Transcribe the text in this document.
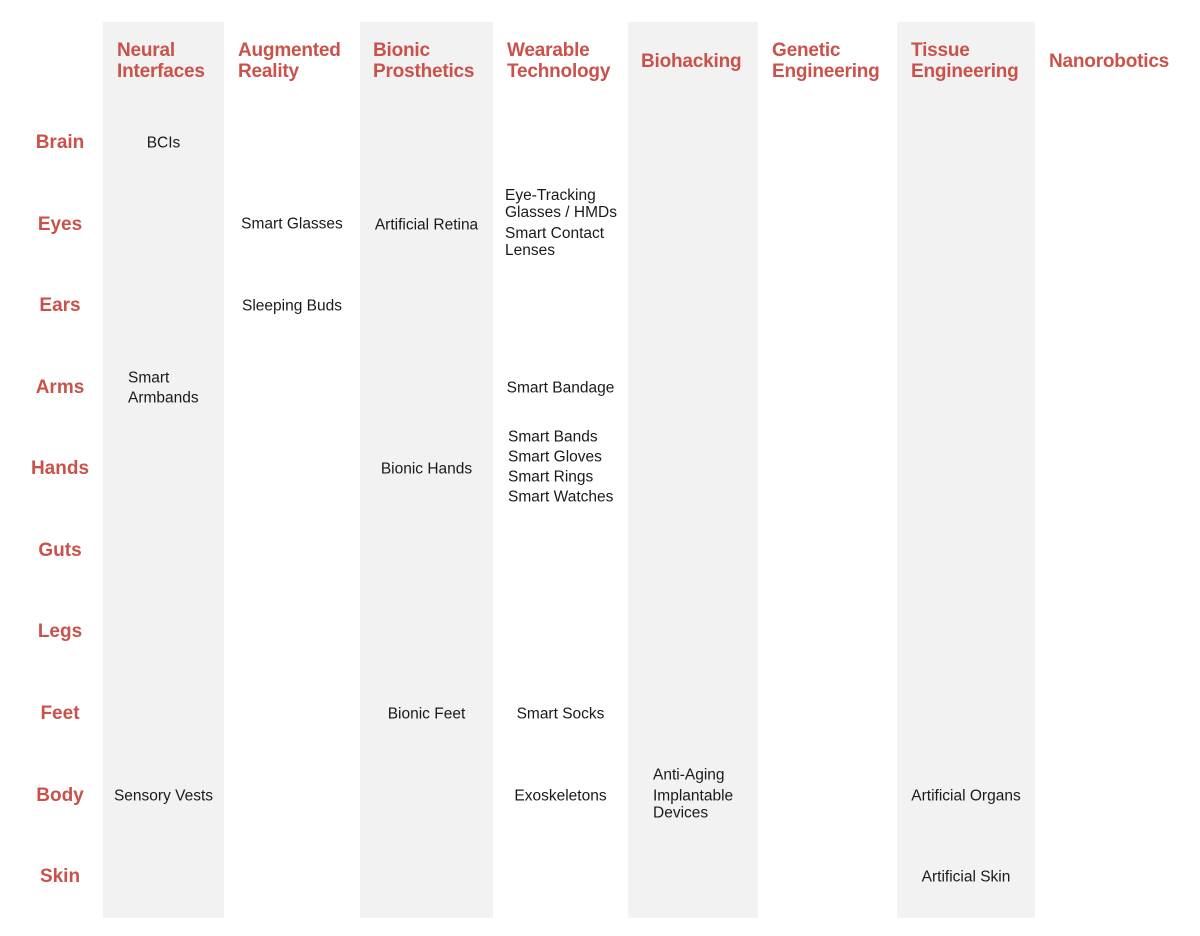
Neural
Interfaces
Augmented
Reality
Bionic
Prosthetics
Wearable
Technology Biohacking
Genetic
Engineering
Tissue
Engineering Nanorobotics
Brain
Eyes
Ears
Arms
Hands
Guts
Legs
Feet
Body
Skin
BCIs
Smart
Armbands
Sensory Vests
Smart Glasses
Sleeping Buds
Artificial Retina
Bionic Hands
Bionic Feet
Eye-Tracking
Glasses / HMDs
Smart Contact
Lenses
Smart Bandage
Smart Bands
Smart Gloves
Smart Rings
Smart Watches
Smart Socks
Exoskeletons
Anti-Aging
Implantable
Devices
Artificial Organs
Artificial Skin
